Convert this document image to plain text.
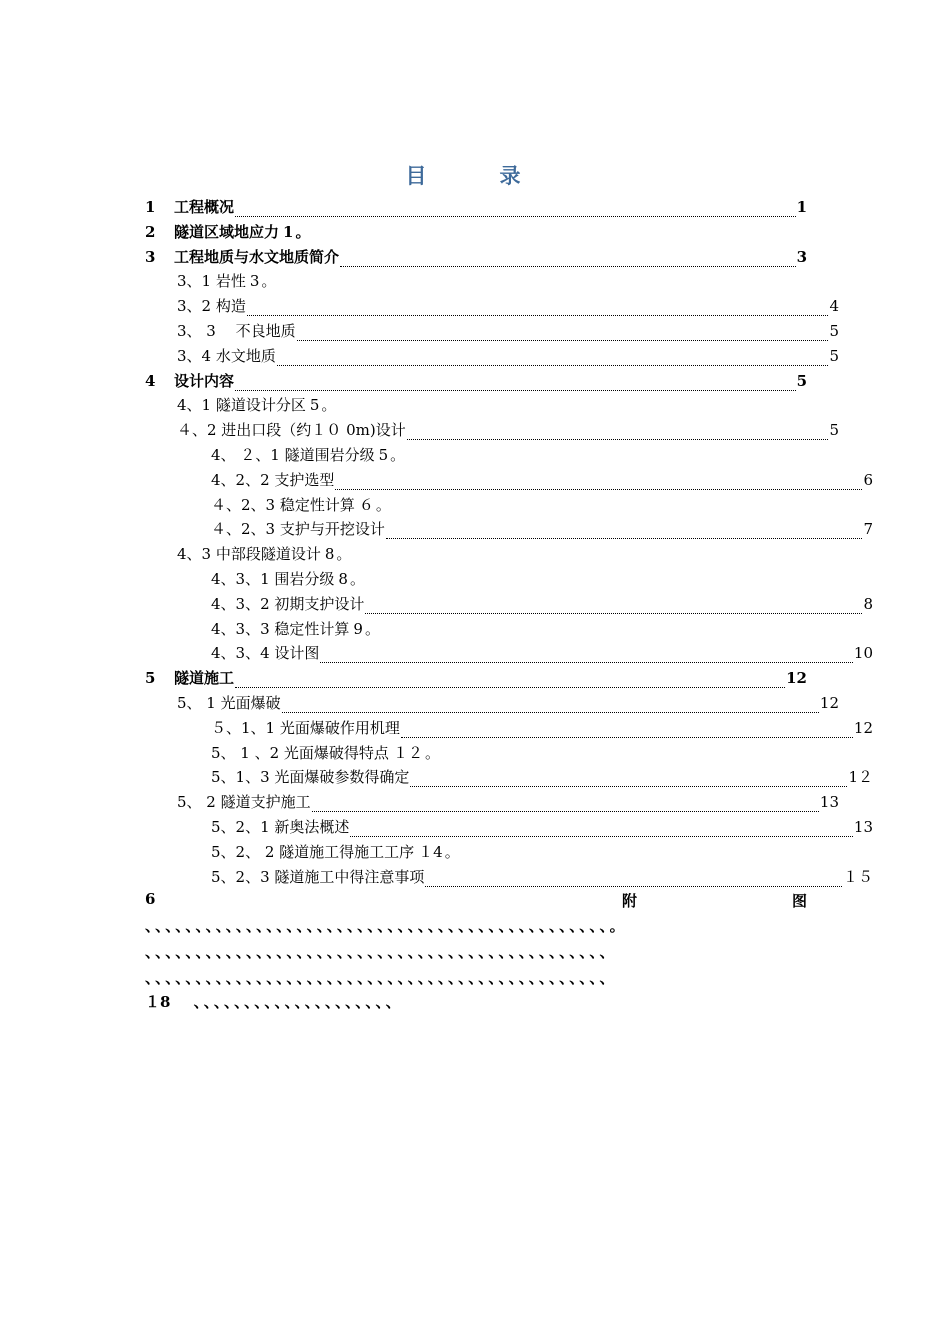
目　录
1	工程概况	1
2	隧道区域地应力 1 。
3	工程地质与水文地质简介	3
3、1 岩性 3 。
3、2 构造	4
3、 3　 不良地质	5
3、4 水文地质	5
4	设计内容	5
4、1 隧道设计分区 5 。
４、2 进出口段（约１０ 0m)设计	5
4、 ２、1 隧道围岩分级 5 。
4、2、2 支护选型	6
４、2、3 稳定性计算 ６ 。
４、2、3 支护与开挖设计	7
4、3 中部段隧道设计 8 。
4、3、1 围岩分级 8 。
4、3、2 初期支护设计	8
4、3、3 稳定性计算 9 。
4、3、4 设计图	10
5	隧道施工	12
5、 1 光面爆破	12
５、1、1 光面爆破作用机理	12
5、 1 、2 光面爆破得特点 １２ 。
5、1、3 光面爆破参数得确定	1２
5、 2 隧道支护施工	13
5、2、1 新奥法概述	13
5、2、 2 隧道施工得施工工序 １4 。
5、2、3 隧道施工中得注意事项	１５
6	附	图
、、、、、、、、、、、、、、、、、、、、、、、、、、、、、、、、、、、、、、、、、、、、、、。
、、、、、、、、、、、、、、、、、、、、、、、、、、、、、、、、、、、、、、、、、、、、、、
、、、、、、、、、、、、、、、、、、、、、、、、、、、、、、、、、、、、、、、、、、、、、、
１8 、、、、、、、、、、、、、、、、、、、、
